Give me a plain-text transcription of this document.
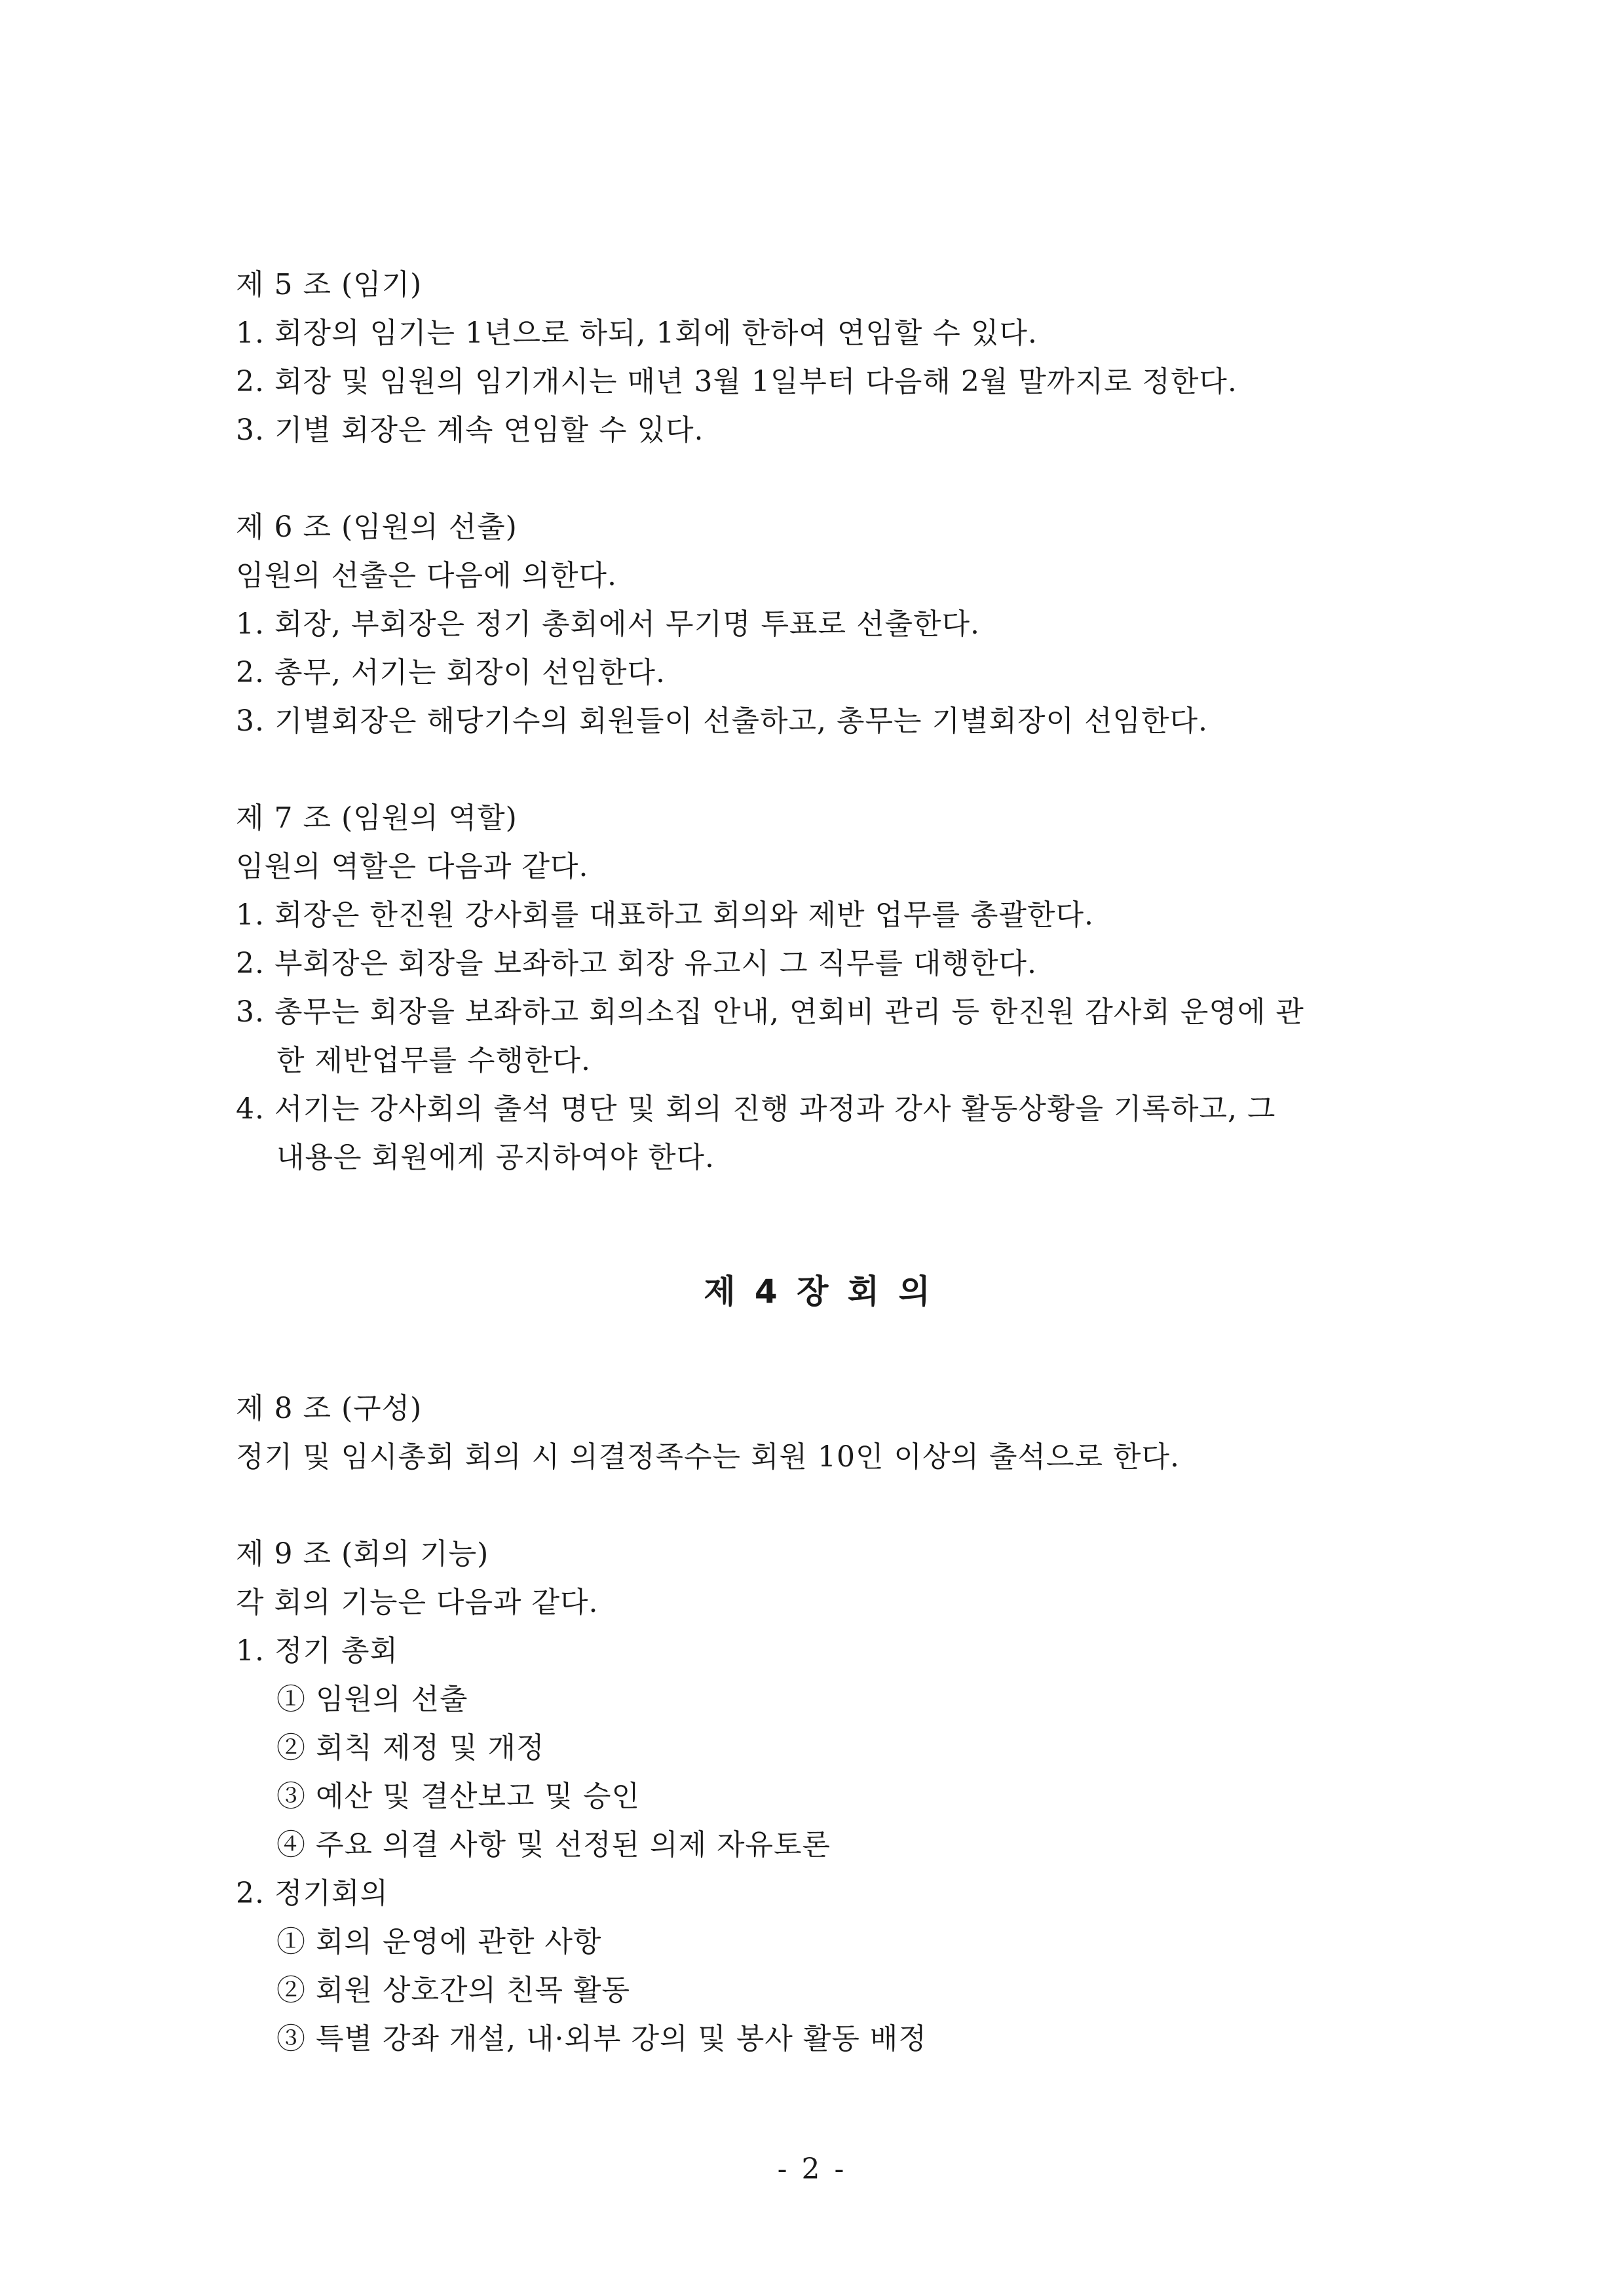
제 5 조 (임기)
1. 회장의 임기는 1년으로 하되, 1회에 한하여 연임할 수 있다.
2. 회장 및 임원의 임기개시는 매년 3월 1일부터 다음해 2월 말까지로 정한다.
3. 기별 회장은 계속 연임할 수 있다.
제 6 조 (임원의 선출)
임원의 선출은 다음에 의한다.
1. 회장, 부회장은 정기 총회에서 무기명 투표로 선출한다.
2. 총무, 서기는 회장이 선임한다.
3. 기별회장은 해당기수의 회원들이 선출하고, 총무는 기별회장이 선임한다.
제 7 조 (임원의 역할)
임원의 역할은 다음과 같다.
1. 회장은 한진원 강사회를 대표하고 회의와 제반 업무를 총괄한다.
2. 부회장은 회장을 보좌하고 회장 유고시 그 직무를 대행한다.
3. 총무는 회장을 보좌하고 회의소집 안내, 연회비 관리 등 한진원 감사회 운영에 관
한 제반업무를 수행한다.
4. 서기는 강사회의 출석 명단 및 회의 진행 과정과 강사 활동상황을 기록하고, 그
내용은 회원에게 공지하여야 한다.
제 4 장 회 의
제 8 조 (구성)
정기 및 임시총회 회의 시 의결정족수는 회원 10인 이상의 출석으로 한다.
제 9 조 (회의 기능)
각 회의 기능은 다음과 같다.
1. 정기 총회
① 임원의 선출
② 회칙 제정 및 개정
③ 예산 및 결산보고 및 승인
④ 주요 의결 사항 및 선정된 의제 자유토론
2. 정기회의
① 회의 운영에 관한 사항
② 회원 상호간의 친목 활동
③ 특별 강좌 개설, 내·외부 강의 및 봉사 활동 배정
- 2 -
